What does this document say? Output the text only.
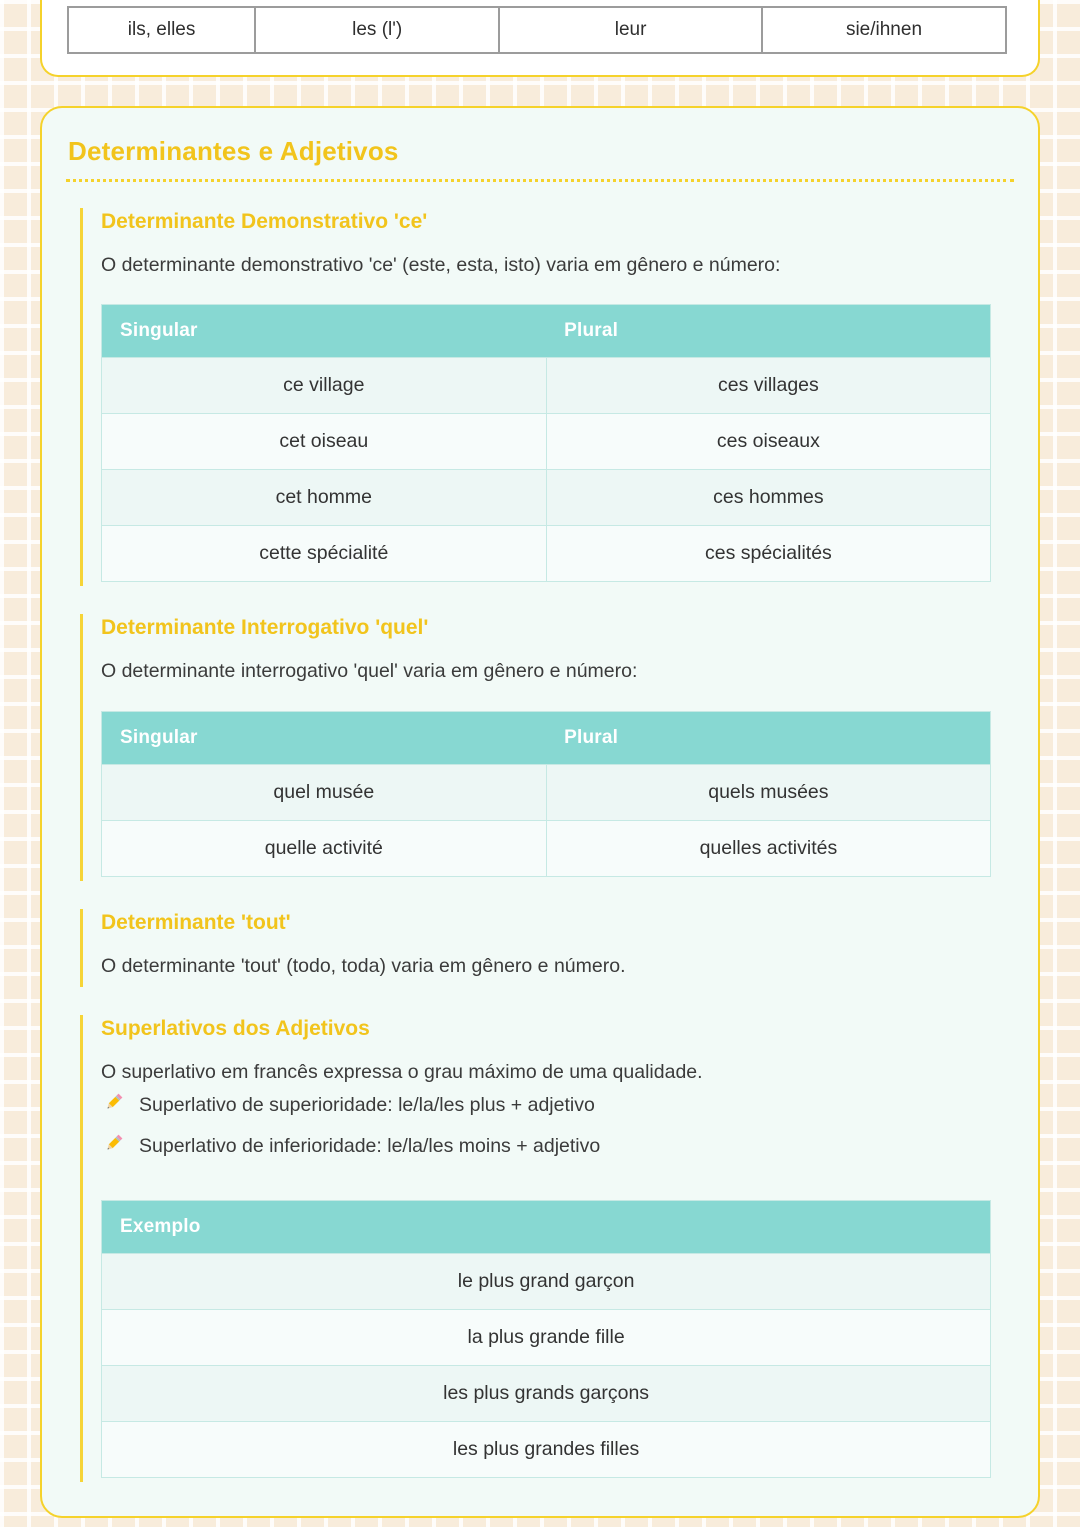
ils, elles	les (l')	leur	sie/ihnen
Determinantes e Adjetivos
Determinante Demonstrativo 'ce'

O determinante demonstrativo 'ce' (este, esta, isto) varia em gênero e número:

Singular	Plural
ce village	ces villages
cet oiseau	ces oiseaux
cet homme	ces hommes
cette spécialité	ces spécialités
Determinante Interrogativo 'quel'

O determinante interrogativo 'quel' varia em gênero e número:

Singular	Plural
quel musée	quels musées
quelle activité	quelles activités
Determinante 'tout'

O determinante 'tout' (todo, toda) varia em gênero e número.

Superlativos dos Adjetivos

O superlativo em francês expressa o grau máximo de uma qualidade.

Superlativo de superioridade: le/la/les plus + adjetivo
Superlativo de inferioridade: le/la/les moins + adjetivo
Exemplo
le plus grand garçon
la plus grande fille
les plus grands garçons
les plus grandes filles
